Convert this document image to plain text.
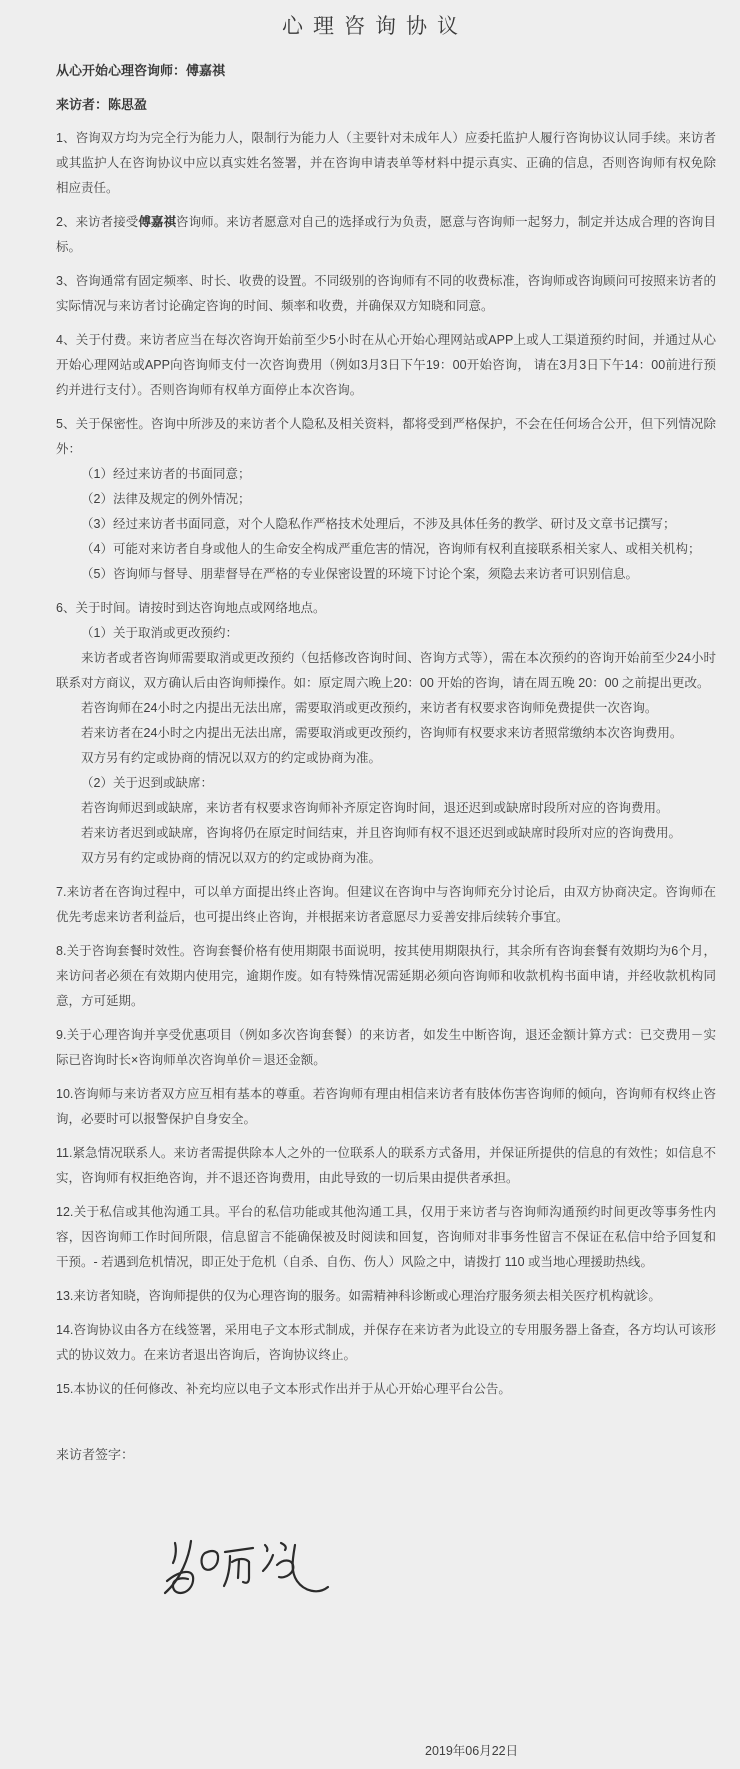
心理咨询协议

从心开始心理咨询师：傅嘉祺

来访者：陈思盈

1、咨询双方均为完全行为能力人，限制行为能力人（主要针对未成年人）应委托监护人履行咨询协议认同手续。来访者或其监护人在咨询协议中应以真实姓名签署，并在咨询申请表单等材料中提示真实、正确的信息，否则咨询师有权免除相应责任。

2、来访者接受傅嘉祺咨询师。来访者愿意对自己的选择或行为负责，愿意与咨询师一起努力，制定并达成合理的咨询目标。

3、咨询通常有固定频率、时长、收费的设置。不同级别的咨询师有不同的收费标准，咨询师或咨询顾问可按照来访者的实际情况与来访者讨论确定咨询的时间、频率和收费，并确保双方知晓和同意。

4、关于付费。来访者应当在每次咨询开始前至少5小时在从心开始心理网站或APP上或人工渠道预约时间，并通过从心开始心理网站或APP向咨询师支付一次咨询费用（例如3月3日下午19：00开始咨询， 请在3月3日下午14：00前进行预约并进行支付）。否则咨询师有权单方面停止本次咨询。

5、关于保密性。咨询中所涉及的来访者个人隐私及相关资料，都将受到严格保护，不会在任何场合公开，但下列情况除外：

（1）经过来访者的书面同意；

（2）法律及规定的例外情况；

（3）经过来访者书面同意，对个人隐私作严格技术处理后，不涉及具体任务的教学、研讨及文章书记撰写；

（4）可能对来访者自身或他人的生命安全构成严重危害的情况，咨询师有权利直接联系相关家人、或相关机构；

（5）咨询师与督导、朋辈督导在严格的专业保密设置的环境下讨论个案，须隐去来访者可识别信息。

6、关于时间。请按时到达咨询地点或网络地点。

（1）关于取消或更改预约：

来访者或者咨询师需要取消或更改预约（包括修改咨询时间、咨询方式等），需在本次预约的咨询开始前至少24小时联系对方商议，双方确认后由咨询师操作。如：原定周六晚上20：00 开始的咨询，请在周五晚 20：00 之前提出更改。

若咨询师在24小时之内提出无法出席，需要取消或更改预约，来访者有权要求咨询师免费提供一次咨询。

若来访者在24小时之内提出无法出席，需要取消或更改预约，咨询师有权要求来访者照常缴纳本次咨询费用。

双方另有约定或协商的情况以双方的约定或协商为准。

（2）关于迟到或缺席：

若咨询师迟到或缺席，来访者有权要求咨询师补齐原定咨询时间，退还迟到或缺席时段所对应的咨询费用。

若来访者迟到或缺席，咨询将仍在原定时间结束，并且咨询师有权不退还迟到或缺席时段所对应的咨询费用。

双方另有约定或协商的情况以双方的约定或协商为准。

7.来访者在咨询过程中，可以单方面提出终止咨询。但建议在咨询中与咨询师充分讨论后，由双方协商决定。咨询师在优先考虑来访者利益后，也可提出终止咨询，并根据来访者意愿尽力妥善安排后续转介事宜。

8.关于咨询套餐时效性。咨询套餐价格有使用期限书面说明，按其使用期限执行，其余所有咨询套餐有效期均为6个月，来访问者必须在有效期内使用完，逾期作废。如有特殊情况需延期必须向咨询师和收款机构书面申请，并经收款机构同意，方可延期。

9.关于心理咨询并享受优惠项目（例如多次咨询套餐）的来访者，如发生中断咨询，退还金额计算方式：已交费用－实际已咨询时长×咨询师单次咨询单价＝退还金额。

10.咨询师与来访者双方应互相有基本的尊重。若咨询师有理由相信来访者有肢体伤害咨询师的倾向，咨询师有权终止咨询，必要时可以报警保护自身安全。

11.紧急情况联系人。来访者需提供除本人之外的一位联系人的联系方式备用，并保证所提供的信息的有效性；如信息不实，咨询师有权拒绝咨询，并不退还咨询费用，由此导致的一切后果由提供者承担。

12.关于私信或其他沟通工具。平台的私信功能或其他沟通工具，仅用于来访者与咨询师沟通预约时间更改等事务性内容，因咨询师工作时间所限，信息留言不能确保被及时阅读和回复，咨询师对非事务性留言不保证在私信中给予回复和干预。- 若遇到危机情况，即正处于危机（自杀、自伤、伤人）风险之中，请拨打 110 或当地心理援助热线。

13.来访者知晓，咨询师提供的仅为心理咨询的服务。如需精神科诊断或心理治疗服务须去相关医疗机构就诊。

14.咨询协议由各方在线签署，采用电子文本形式制成，并保存在来访者为此设立的专用服务器上备查，各方均认可该形式的协议效力。在来访者退出咨询后，咨询协议终止。

15.本协议的任何修改、补充均应以电子文本形式作出并于从心开始心理平台公告。

来访者签字：

2019年06月22日
